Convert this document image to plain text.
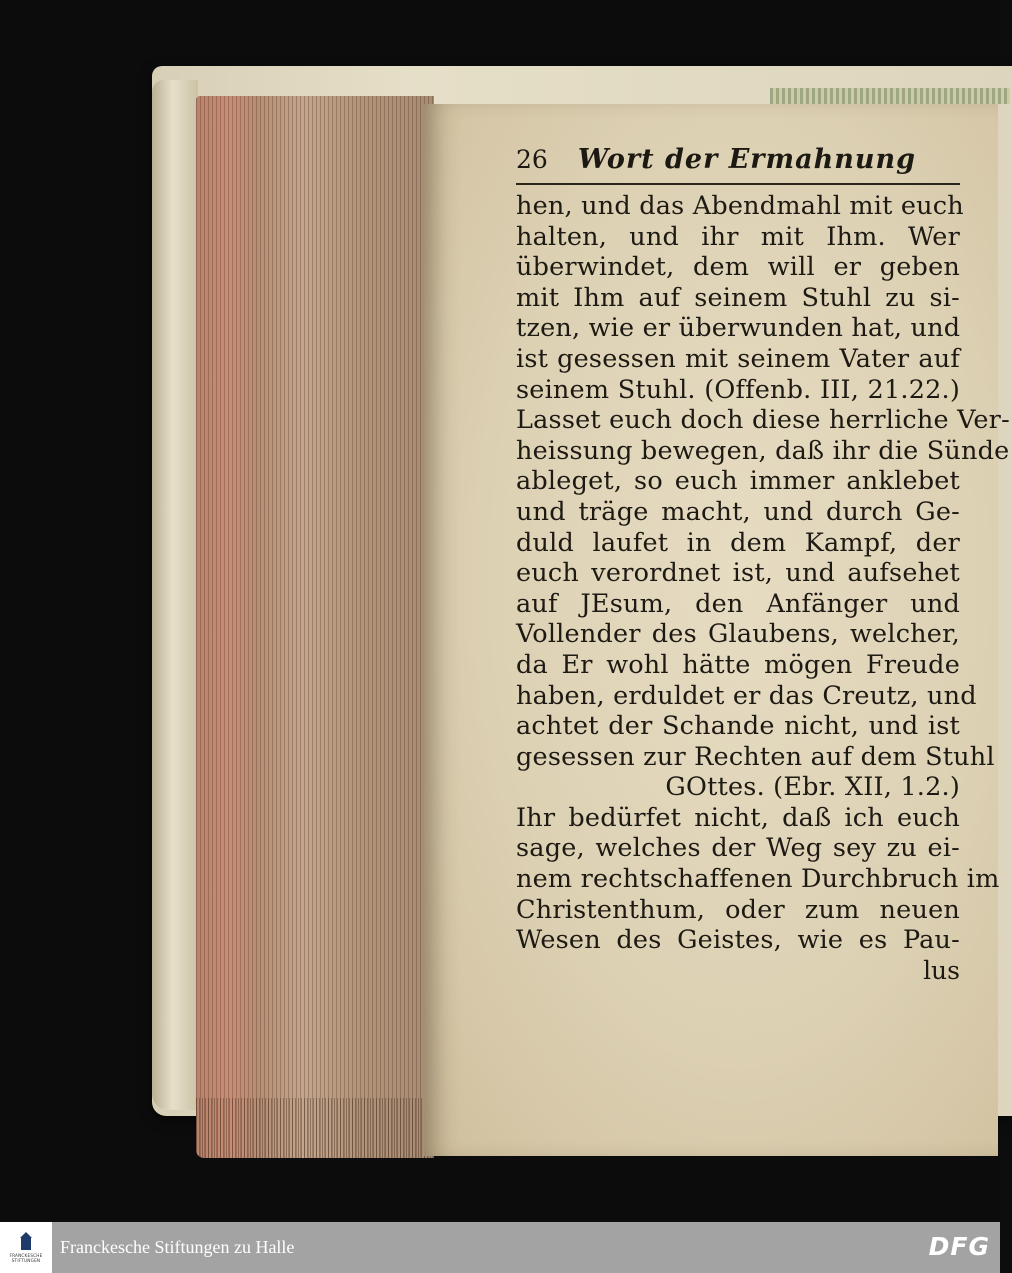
26 Wort der Ermahnung
hen, und das Abendmahl mit euch
halten, und ihr mit Ihm. Wer
überwindet, dem will er geben
mit Ihm auf seinem Stuhl zu si-
tzen, wie er überwunden hat, und
ist gesessen mit seinem Vater auf
seinem Stuhl. (Offenb. III, 21.22.)
Lasset euch doch diese herrliche Ver-
heissung bewegen, daß ihr die Sünde
ableget, so euch immer anklebet
und träge macht, und durch Ge-
duld laufet in dem Kampf, der
euch verordnet ist, und aufsehet
auf JEsum, den Anfänger und
Vollender des Glaubens, welcher,
da Er wohl hätte mögen Freude
haben, erduldet er das Creutz, und
achtet der Schande nicht, und ist
gesessen zur Rechten auf dem Stuhl
GOttes. (Ebr. XII, 1.2.)
Ihr bedürfet nicht, daß ich euch
sage, welches der Weg sey zu ei-
nem rechtschaffenen Durchbruch im
Christenthum, oder zum neuen
Wesen des Geistes, wie es Pau-
lus
FRANCKESCHE STIFTUNGEN
Franckesche Stiftungen zu Halle	DFG
